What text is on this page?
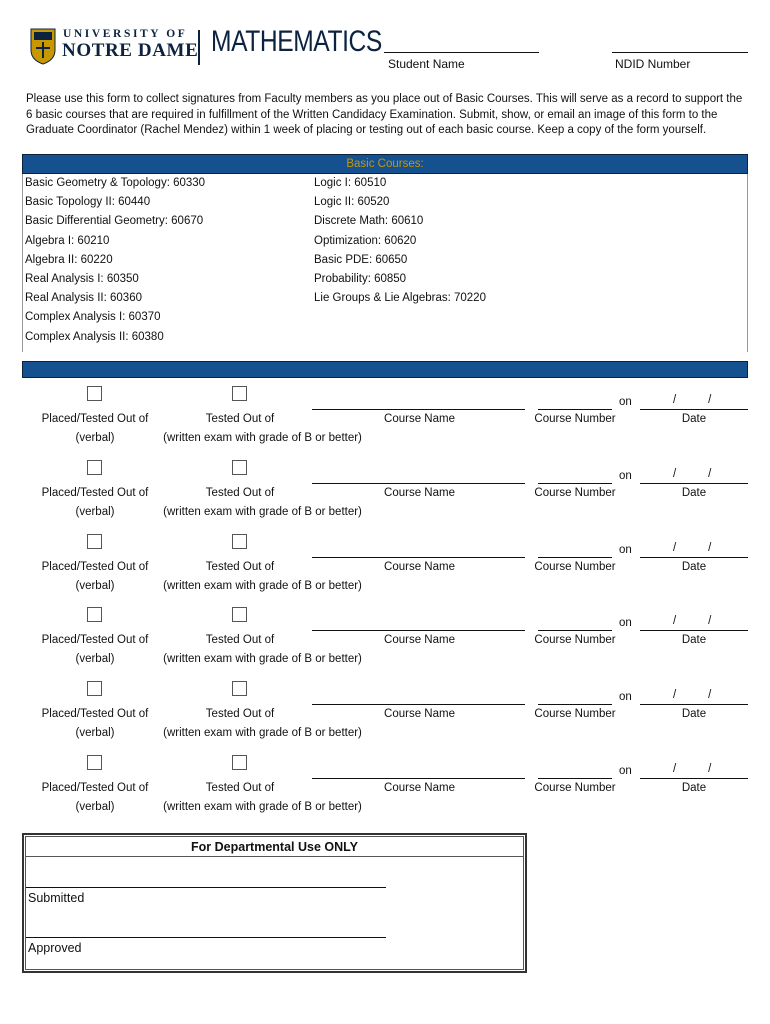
UNIVERSITY OF
NOTRE DAME MATHEMATICS
Student Name	NDID Number
Please use this form to collect signatures from Faculty members as you place out of Basic Courses. This will serve as a record to support the 6 basic courses that are required in fulfillment of the Written Candidacy Examination. Submit, show, or email an image of this form to the Graduate Coordinator (Rachel Mendez) within 1 week of placing or testing out of each basic course. Keep a copy of the form yourself.
Basic Courses:
Basic Geometry & Topology: 60330
Basic Topology II: 60440
Basic Differential Geometry: 60670
Algebra I: 60210
Algebra II: 60220
Real Analysis I: 60350
Real Analysis II: 60360
Complex Analysis I: 60370
Complex Analysis II: 60380
Logic I: 60510
Logic II: 60520
Discrete Math: 60610
Optimization: 60620
Basic PDE: 60650
Probability: 60850
Lie Groups & Lie Algebras: 70220
on	/          /
Placed/Tested Out of
(verbal)
Tested Out of
(written exam with grade of B or better)
Course Name	Course Number	Date
on	/          /
Placed/Tested Out of
(verbal)
Tested Out of
(written exam with grade of B or better)
Course Name	Course Number	Date
on	/          /
Placed/Tested Out of
(verbal)
Tested Out of
(written exam with grade of B or better)
Course Name	Course Number	Date
on	/          /
Placed/Tested Out of
(verbal)
Tested Out of
(written exam with grade of B or better)
Course Name	Course Number	Date
on	/          /
Placed/Tested Out of
(verbal)
Tested Out of
(written exam with grade of B or better)
Course Name	Course Number	Date
on	/          /
Placed/Tested Out of
(verbal)
Tested Out of
(written exam with grade of B or better)
Course Name	Course Number	Date
For Departmental Use ONLY
Submitted
Approved
